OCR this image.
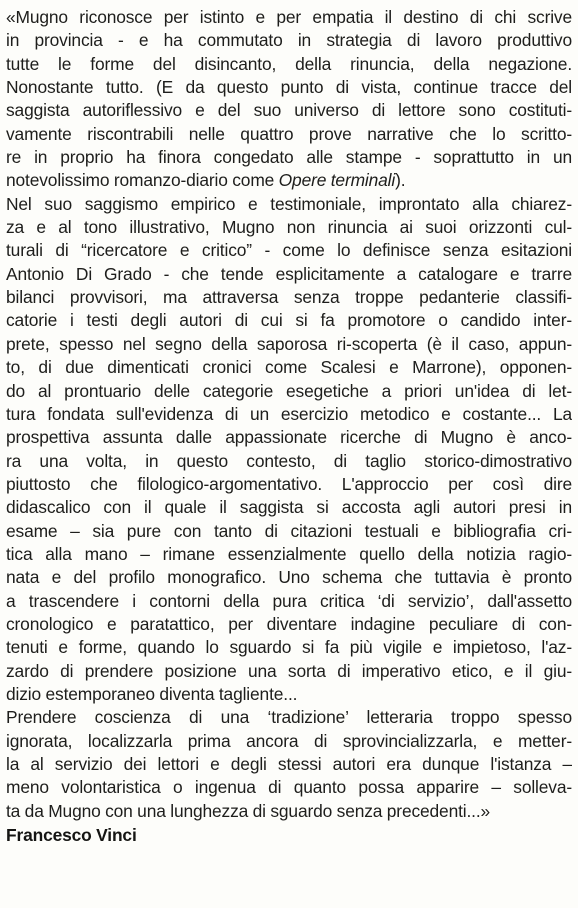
«Mugno riconosce per istinto e per empatia il destino di chi scrive
in provincia - e ha commutato in strategia di lavoro produttivo
tutte le forme del disincanto, della rinuncia, della negazione.
Nonostante tutto. (E da questo punto di vista, continue tracce del
saggista autoriflessivo e del suo universo di lettore sono costituti-
vamente riscontrabili nelle quattro prove narrative che lo scritto-
re in proprio ha finora congedato alle stampe - soprattutto in un
notevolissimo romanzo-diario come Opere terminali).
Nel suo saggismo empirico e testimoniale, improntato alla chiarez-
za e al tono illustrativo, Mugno non rinuncia ai suoi orizzonti cul-
turali di “ricercatore e critico” - come lo definisce senza esitazioni
Antonio Di Grado - che tende esplicitamente a catalogare e trarre
bilanci provvisori, ma attraversa senza troppe pedanterie classifi-
catorie i testi degli autori di cui si fa promotore o candido inter-
prete, spesso nel segno della saporosa ri-scoperta (è il caso, appun-
to, di due dimenticati cronici come Scalesi e Marrone), opponen-
do al prontuario delle categorie esegetiche a priori un'idea di let-
tura fondata sull'evidenza di un esercizio metodico e costante... La
prospettiva assunta dalle appassionate ricerche di Mugno è anco-
ra una volta, in questo contesto, di taglio storico-dimostrativo
piuttosto che filologico-argomentativo. L'approccio per così dire
didascalico con il quale il saggista si accosta agli autori presi in
esame – sia pure con tanto di citazioni testuali e bibliografia cri-
tica alla mano – rimane essenzialmente quello della notizia ragio-
nata e del profilo monografico. Uno schema che tuttavia è pronto
a trascendere i contorni della pura critica ‘di servizio’, dall'assetto
cronologico e paratattico, per diventare indagine peculiare di con-
tenuti e forme, quando lo sguardo si fa più vigile e impietoso, l'az-
zardo di prendere posizione una sorta di imperativo etico, e il giu-
dizio estemporaneo diventa tagliente...
Prendere coscienza di una ‘tradizione’ letteraria troppo spesso
ignorata, localizzarla prima ancora di sprovincializzarla, e metter-
la al servizio dei lettori e degli stessi autori era dunque l'istanza –
meno volontaristica o ingenua di quanto possa apparire – solleva-
ta da Mugno con una lunghezza di sguardo senza precedenti...»
Francesco Vinci
